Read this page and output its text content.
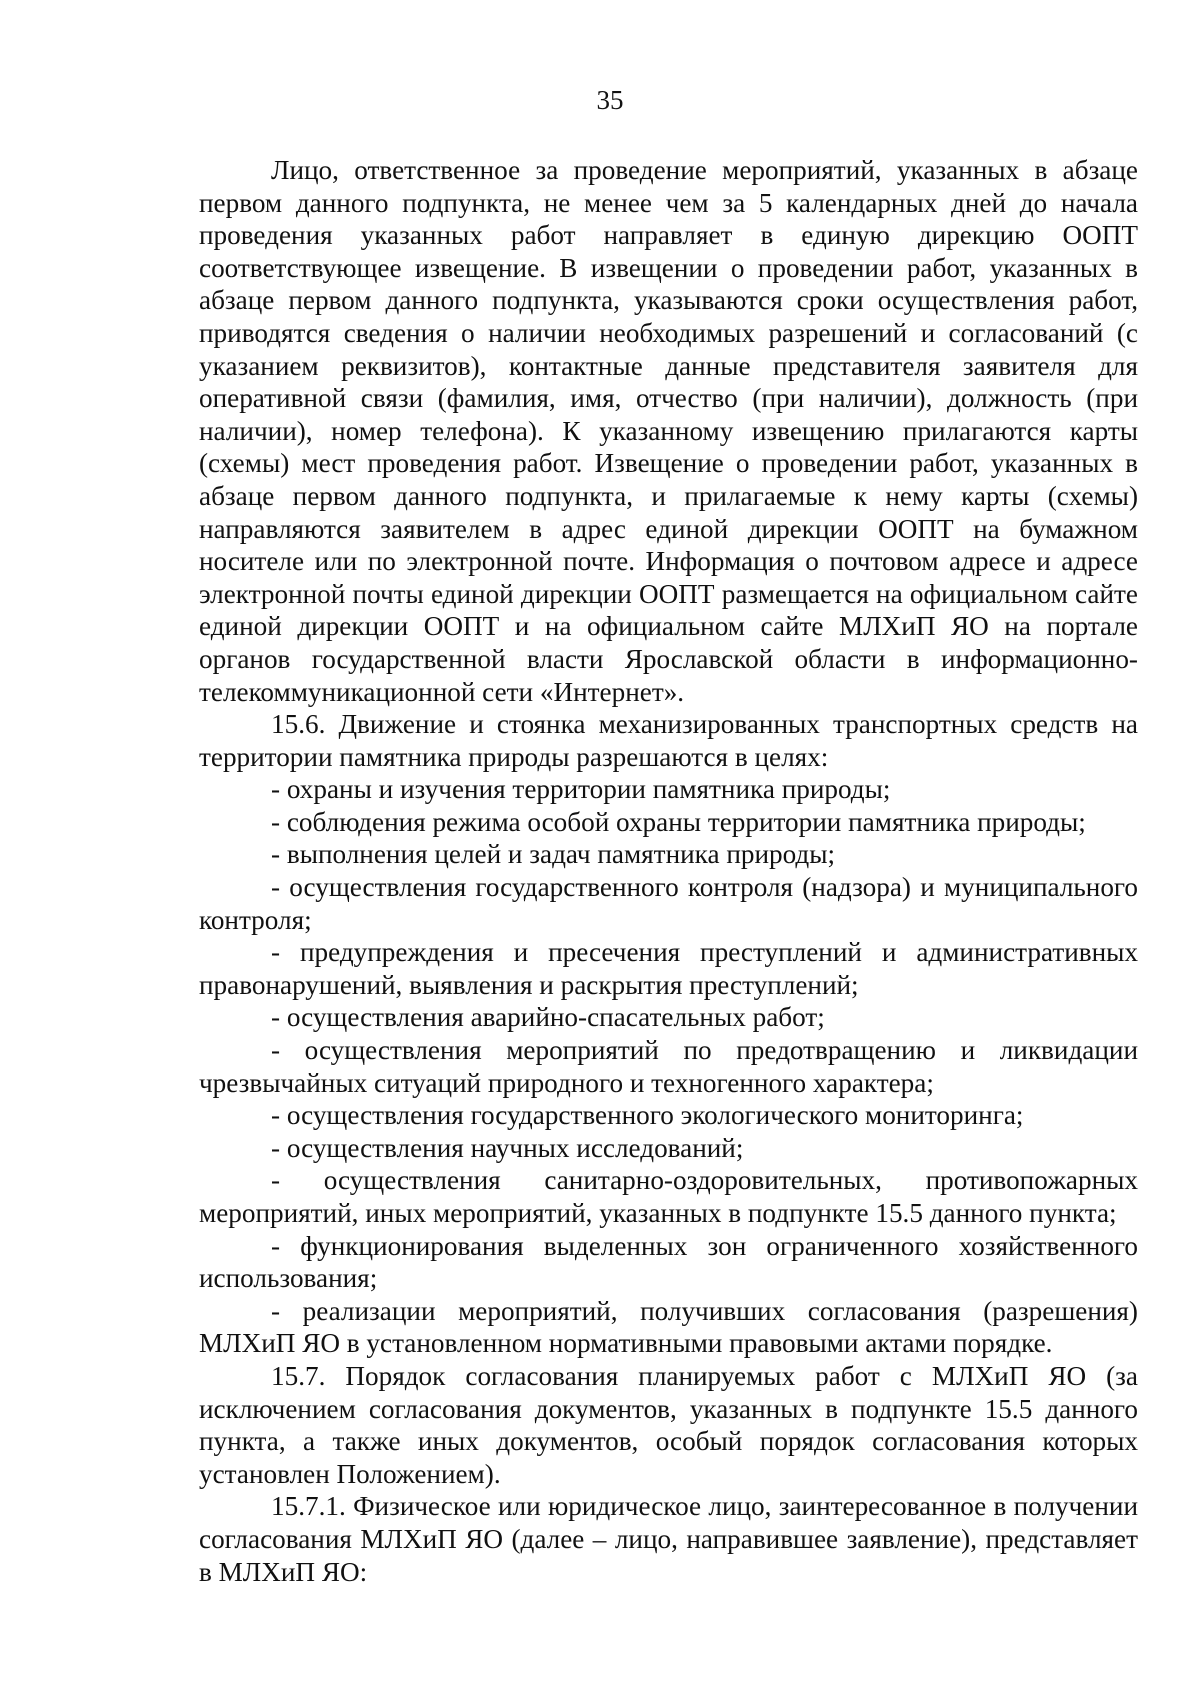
35

Лицо, ответственное за проведение мероприятий, указанных в абзаце первом данного подпункта, не менее чем за 5 календарных дней до начала проведения указанных работ направляет в единую дирекцию ООПТ соответствующее извещение. В извещении о проведении работ, указанных в абзаце первом данного подпункта, указываются сроки осуществления работ, приводятся сведения о наличии необходимых разрешений и согласований (с указанием реквизитов), контактные данные представителя заявителя для оперативной связи (фамилия, имя, отчество (при наличии), должность (при наличии), номер телефона). К указанному извещению прилагаются карты (схемы) мест проведения работ. Извещение о проведении работ, указанных в абзаце первом данного подпункта, и прилагаемые к нему карты (схемы) направляются заявителем в адрес единой дирекции ООПТ на бумажном носителе или по электронной почте. Информация о почтовом адресе и адресе электронной почты единой дирекции ООПТ размещается на официальном сайте единой дирекции ООПТ и на официальном сайте МЛХиП ЯО на портале органов государственной власти Ярославской области в информационно-телекоммуникационной сети «Интернет».

15.6. Движение и стоянка механизированных транспортных средств на территории памятника природы разрешаются в целях:

- охраны и изучения территории памятника природы;

- соблюдения режима особой охраны территории памятника природы;

- выполнения целей и задач памятника природы;

- осуществления государственного контроля (надзора) и муниципального контроля;

- предупреждения и пресечения преступлений и административных правонарушений, выявления и раскрытия преступлений;

- осуществления аварийно-спасательных работ;

- осуществления мероприятий по предотвращению и ликвидации чрезвычайных ситуаций природного и техногенного характера;

- осуществления государственного экологического мониторинга;

- осуществления научных исследований;

- осуществления санитарно-оздоровительных, противопожарных мероприятий, иных мероприятий, указанных в подпункте 15.5 данного пункта;

- функционирования выделенных зон ограниченного хозяйственного использования;

- реализации мероприятий, получивших согласования (разрешения) МЛХиП ЯО в установленном нормативными правовыми актами порядке.

15.7. Порядок согласования планируемых работ с МЛХиП ЯО (за исключением согласования документов, указанных в подпункте 15.5 данного пункта, а также иных документов, особый порядок согласования которых установлен Положением).

15.7.1. Физическое или юридическое лицо, заинтересованное в получении согласования МЛХиП ЯО (далее – лицо, направившее заявление), представляет в МЛХиП ЯО:
